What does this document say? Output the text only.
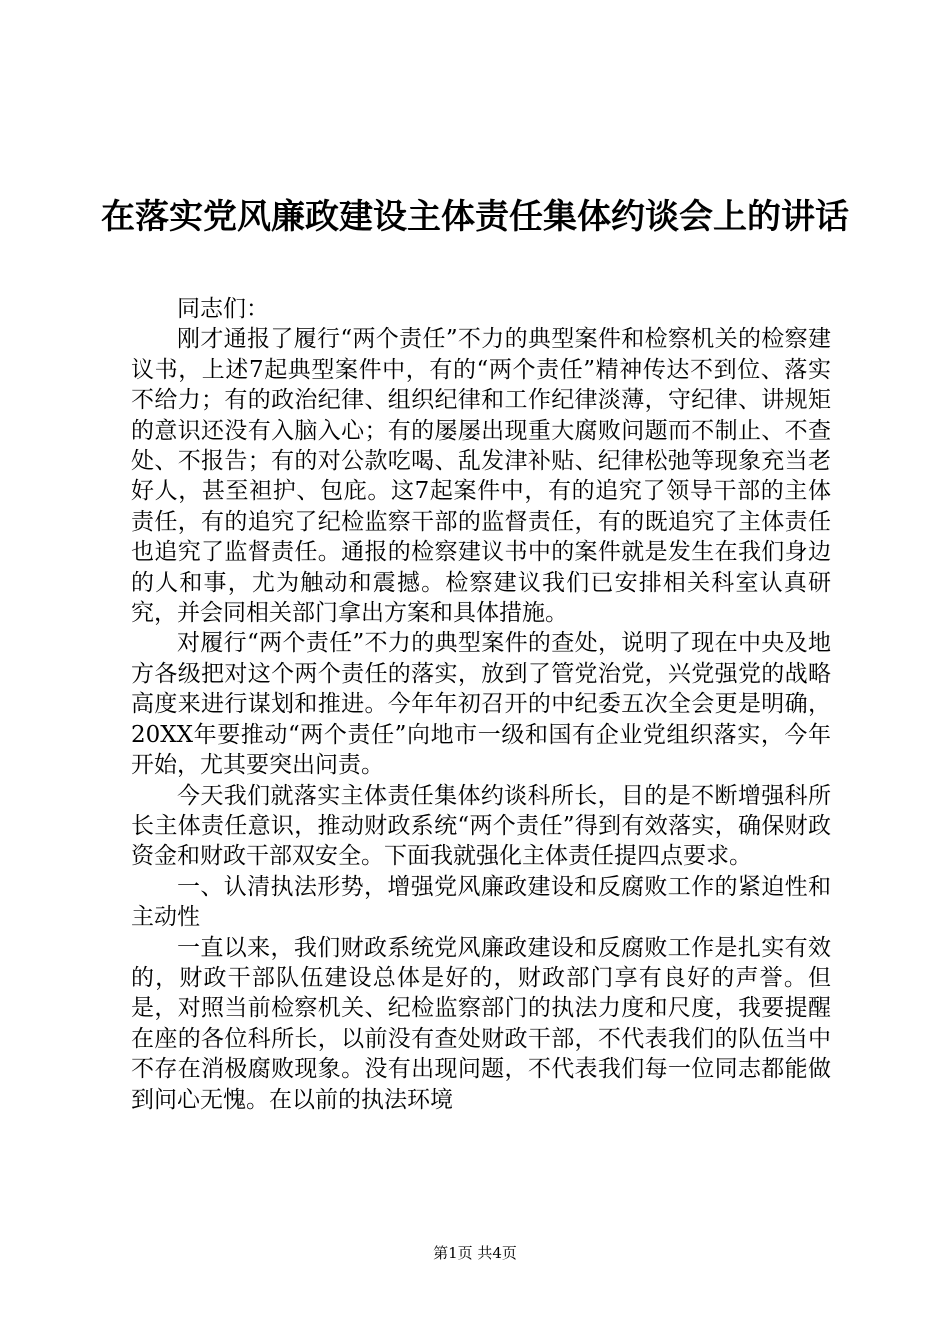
在落实党风廉政建设主体责任集体约谈会上的讲话

同志们：

刚才通报了履行“两个责任”不力的典型案件和检察机关的检察建议书，上述7起典型案件中，有的“两个责任”精神传达不到位、落实不给力；有的政治纪律、组织纪律和工作纪律淡薄，守纪律、讲规矩的意识还没有入脑入心；有的屡屡出现重大腐败问题而不制止、不查处、不报告；有的对公款吃喝、乱发津补贴、纪律松弛等现象充当老好人，甚至袒护、包庇。这7起案件中，有的追究了领导干部的主体责任，有的追究了纪检监察干部的监督责任，有的既追究了主体责任也追究了监督责任。通报的检察建议书中的案件就是发生在我们身边的人和事，尤为触动和震撼。检察建议我们已安排相关科室认真研究，并会同相关部门拿出方案和具体措施。

对履行“两个责任”不力的典型案件的查处，说明了现在中央及地方各级把对这个两个责任的落实，放到了管党治党，兴党强党的战略高度来进行谋划和推进。今年年初召开的中纪委五次全会更是明确，20XX年要推动“两个责任”向地市一级和国有企业党组织落实，今年开始，尤其要突出问责。

今天我们就落实主体责任集体约谈科所长，目的是不断增强科所长主体责任意识，推动财政系统“两个责任”得到有效落实，确保财政资金和财政干部双安全。下面我就强化主体责任提四点要求。

一、认清执法形势，增强党风廉政建设和反腐败工作的紧迫性和主动性

一直以来，我们财政系统党风廉政建设和反腐败工作是扎实有效的，财政干部队伍建设总体是好的，财政部门享有良好的声誉。但是，对照当前检察机关、纪检监察部门的执法力度和尺度，我要提醒在座的各位科所长，以前没有查处财政干部，不代表我们的队伍当中不存在消极腐败现象。没有出现问题，不代表我们每一位同志都能做到问心无愧。在以前的执法环境

第1页 共4页
